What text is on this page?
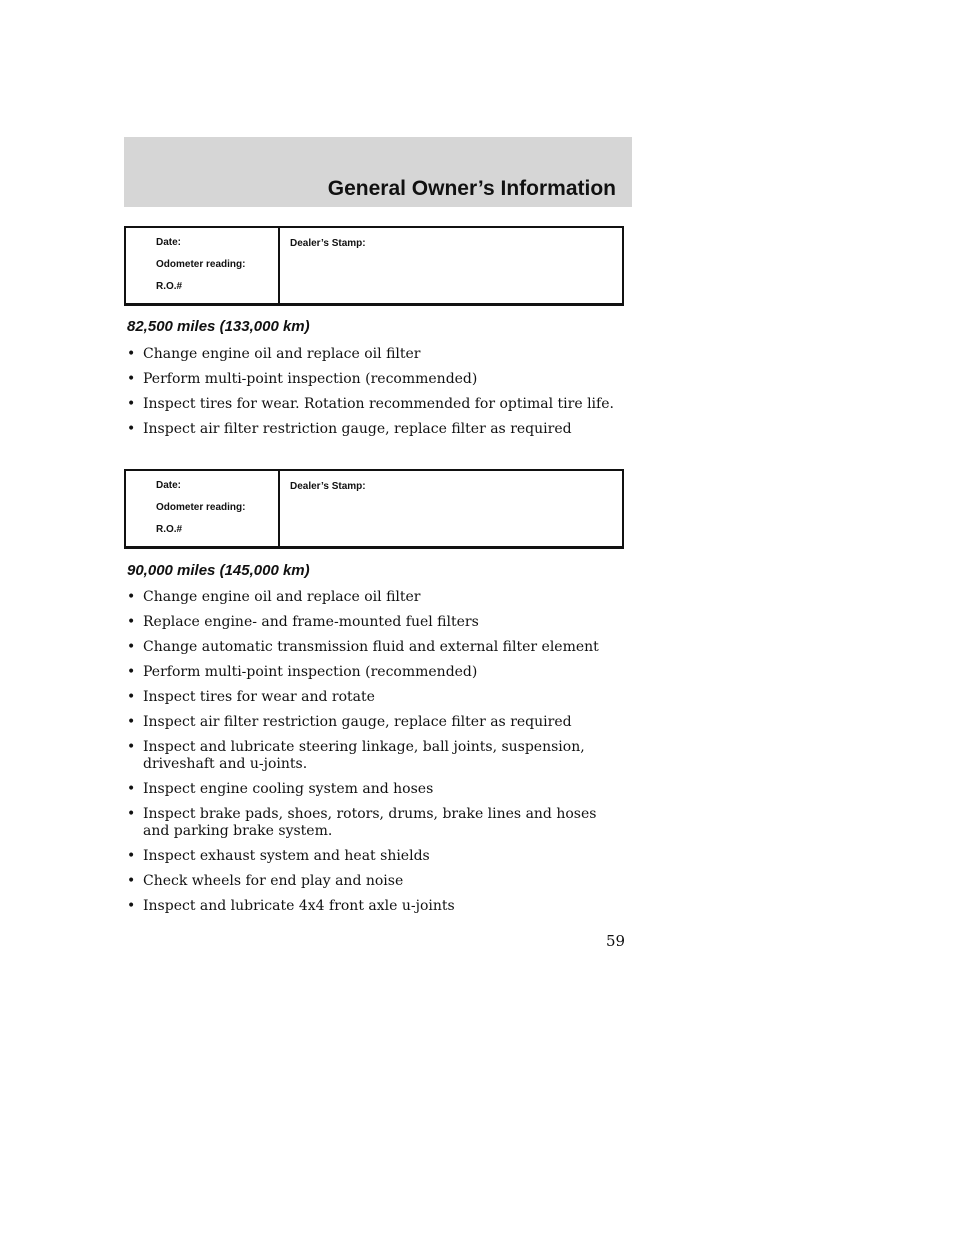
General Owner’s Information
Date:
Odometer reading:
R.O.#
Dealer’s Stamp:
82,500 miles (133,000 km)
• Change engine oil and replace oil filter
• Perform multi-point inspection (recommended)
• Inspect tires for wear. Rotation recommended for optimal tire life.
• Inspect air filter restriction gauge, replace filter as required
Date:
Odometer reading:
R.O.#
Dealer’s Stamp:
90,000 miles (145,000 km)
• Change engine oil and replace oil filter
• Replace engine- and frame-mounted fuel filters
• Change automatic transmission fluid and external filter element
• Perform multi-point inspection (recommended)
• Inspect tires for wear and rotate
• Inspect air filter restriction gauge, replace filter as required
• Inspect and lubricate steering linkage, ball joints, suspension, driveshaft and u-joints.
• Inspect engine cooling system and hoses
• Inspect brake pads, shoes, rotors, drums, brake lines and hoses and parking brake system.
• Inspect exhaust system and heat shields
• Check wheels for end play and noise
• Inspect and lubricate 4x4 front axle u-joints
59
